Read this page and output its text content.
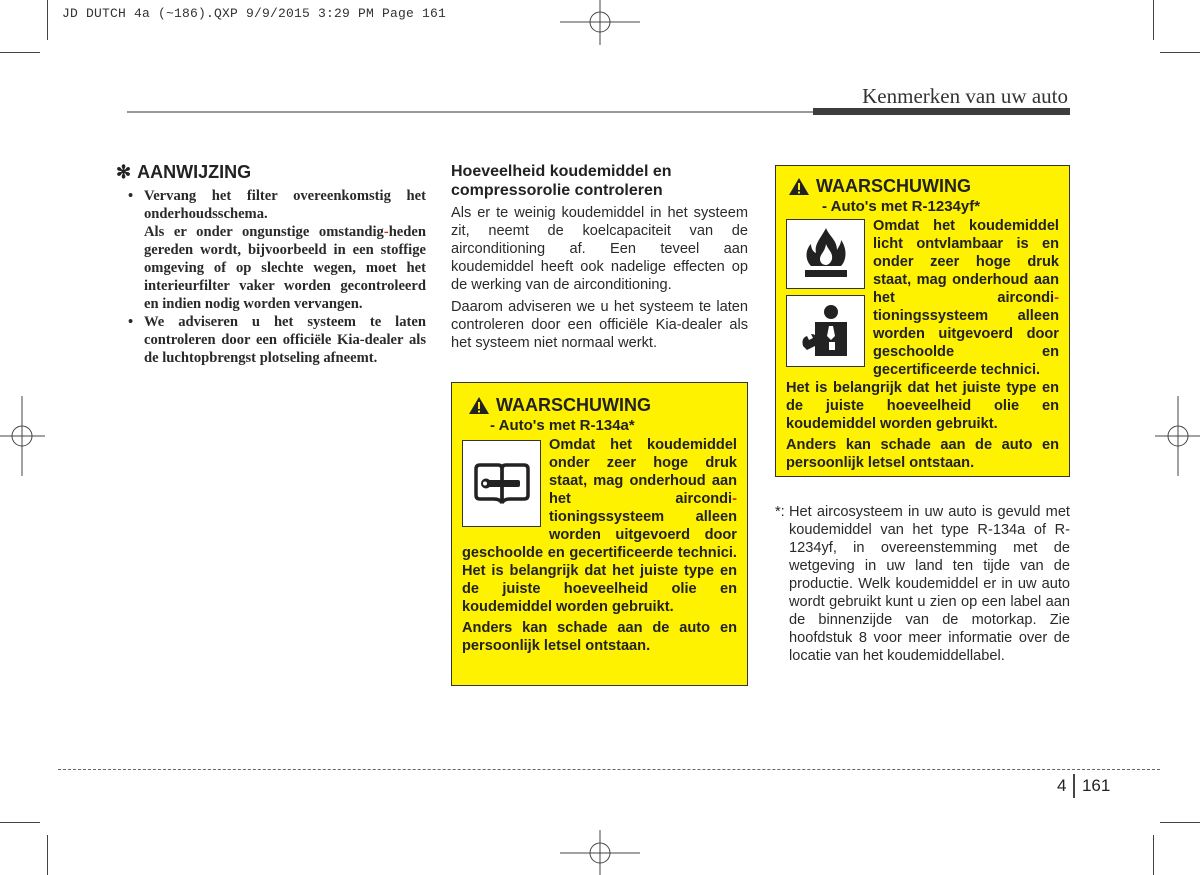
JD DUTCH 4a (~186).QXP 9/9/2015 3:29 PM Page 161
Kenmerken van uw auto
✻ AANWIJZING

• Vervang het filter overeenkomstig het onderhoudsschema.

Als er onder ongunstige omstandig-heden gereden wordt, bijvoorbeeld in een stoffige omgeving of op slechte wegen, moet het interieurfilter vaker worden gecontroleerd en indien nodig worden vervangen.

• We adviseren u het systeem te laten controleren door een officiële Kia-dealer als de luchtopbrengst plotseling afneemt.

Hoeveelheid koudemiddel en compressorolie controleren

Als er te weinig koudemiddel in het systeem zit, neemt de koelcapaciteit van de airconditioning af. Een teveel aan koudemiddel heeft ook nadelige effecten op de werking van de airconditioning.

Daarom adviseren we u het systeem te laten controleren door een officiële Kia-dealer als het systeem niet normaal werkt.

WAARSCHUWING
- Auto's met R-134a*

Omdat het koudemiddel onder zeer hoge druk staat, mag onderhoud aan het aircondi-tioningssysteem alleen worden uitgevoerd door geschoolde en gecertificeerde technici. Het is belangrijk dat het juiste type en de juiste hoeveelheid olie en koudemiddel worden gebruikt.

Anders kan schade aan de auto en persoonlijk letsel ontstaan.

WAARSCHUWING
- Auto's met R-1234yf*

Omdat het koudemiddel licht ontvlambaar is en onder zeer hoge druk staat, mag onderhoud aan het aircondi-tioningssysteem alleen worden uitgevoerd door geschoolde en gecertificeerde technici.

Het is belangrijk dat het juiste type en de juiste hoeveelheid olie en koudemiddel worden gebruikt.

Anders kan schade aan de auto en persoonlijk letsel ontstaan.

*: Het aircosysteem in uw auto is gevuld met koudemiddel van het type R-134a of R- 1234yf, in overeenstemming met de wetgeving in uw land ten tijde van de productie. Welk koudemiddel er in uw auto wordt gebruikt kunt u zien op een label aan de binnenzijde van de motorkap. Zie hoofdstuk 8 voor meer informatie over de locatie van het koudemiddellabel.

4 161
